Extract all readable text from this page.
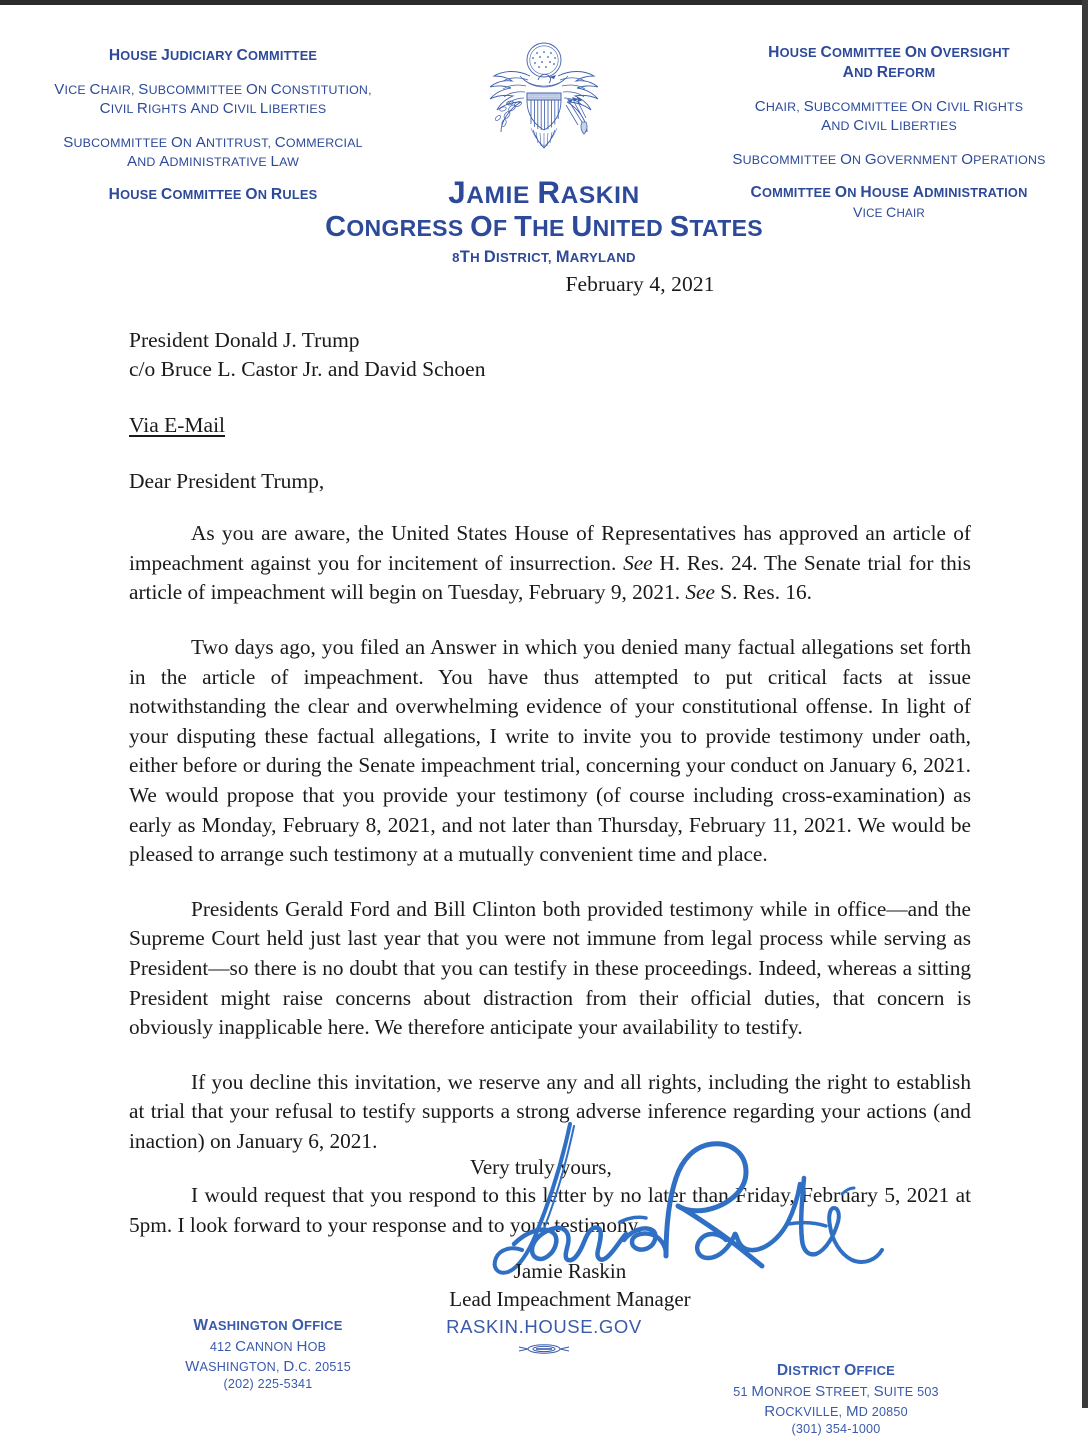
HOUSE JUDICIARY COMMITTEE
VICE CHAIR, SUBCOMMITTEE ON CONSTITUTION,
CIVIL RIGHTS AND CIVIL LIBERTIES
SUBCOMMITTEE ON ANTITRUST, COMMERCIAL
AND ADMINISTRATIVE LAW
HOUSE COMMITTEE ON RULES	JAMIE RASKIN
CONGRESS OF THE UNITED STATES
8TH DISTRICT, MARYLAND
HOUSE COMMITTEE ON OVERSIGHT
AND REFORM
CHAIR, SUBCOMMITTEE ON CIVIL RIGHTS
AND CIVIL LIBERTIES
SUBCOMMITTEE ON GOVERNMENT OPERATIONS
COMMITTEE ON HOUSE ADMINISTRATION
VICE CHAIR
February 4, 2021
President Donald J. Trump
c/o Bruce L. Castor Jr. and David Schoen
Via E-Mail
Dear President Trump,

As you are aware, the United States House of Representatives has approved an article of impeachment against you for incitement of insurrection. See H. Res. 24. The Senate trial for this article of impeachment will begin on Tuesday, February 9, 2021. See S. Res. 16.

Two days ago, you filed an Answer in which you denied many factual allegations set forth in the article of impeachment. You have thus attempted to put critical facts at issue notwithstanding the clear and overwhelming evidence of your constitutional offense. In light of your disputing these factual allegations, I write to invite you to provide testimony under oath, either before or during the Senate impeachment trial, concerning your conduct on January 6, 2021. We would propose that you provide your testimony (of course including cross-examination) as early as Monday, February 8, 2021, and not later than Thursday, February 11, 2021. We would be pleased to arrange such testimony at a mutually convenient time and place.

Presidents Gerald Ford and Bill Clinton both provided testimony while in office—and the Supreme Court held just last year that you were not immune from legal process while serving as President—so there is no doubt that you can testify in these proceedings. Indeed, whereas a sitting President might raise concerns about distraction from their official duties, that concern is obviously inapplicable here. We therefore anticipate your availability to testify.

If you decline this invitation, we reserve any and all rights, including the right to establish at trial that your refusal to testify supports a strong adverse inference regarding your actions (and inaction) on January 6, 2021.

I would request that you respond to this letter by no later than Friday, February 5, 2021 at 5pm. I look forward to your response and to your testimony.

Very truly yours,
Jamie Raskin
Lead Impeachment Manager
WASHINGTON OFFICE
412 CANNON HOB
WASHINGTON, D.C. 20515
(202) 225-5341
RASKIN.HOUSE.GOV
DISTRICT OFFICE
51 MONROE STREET, SUITE 503
ROCKVILLE, MD 20850
(301) 354-1000
